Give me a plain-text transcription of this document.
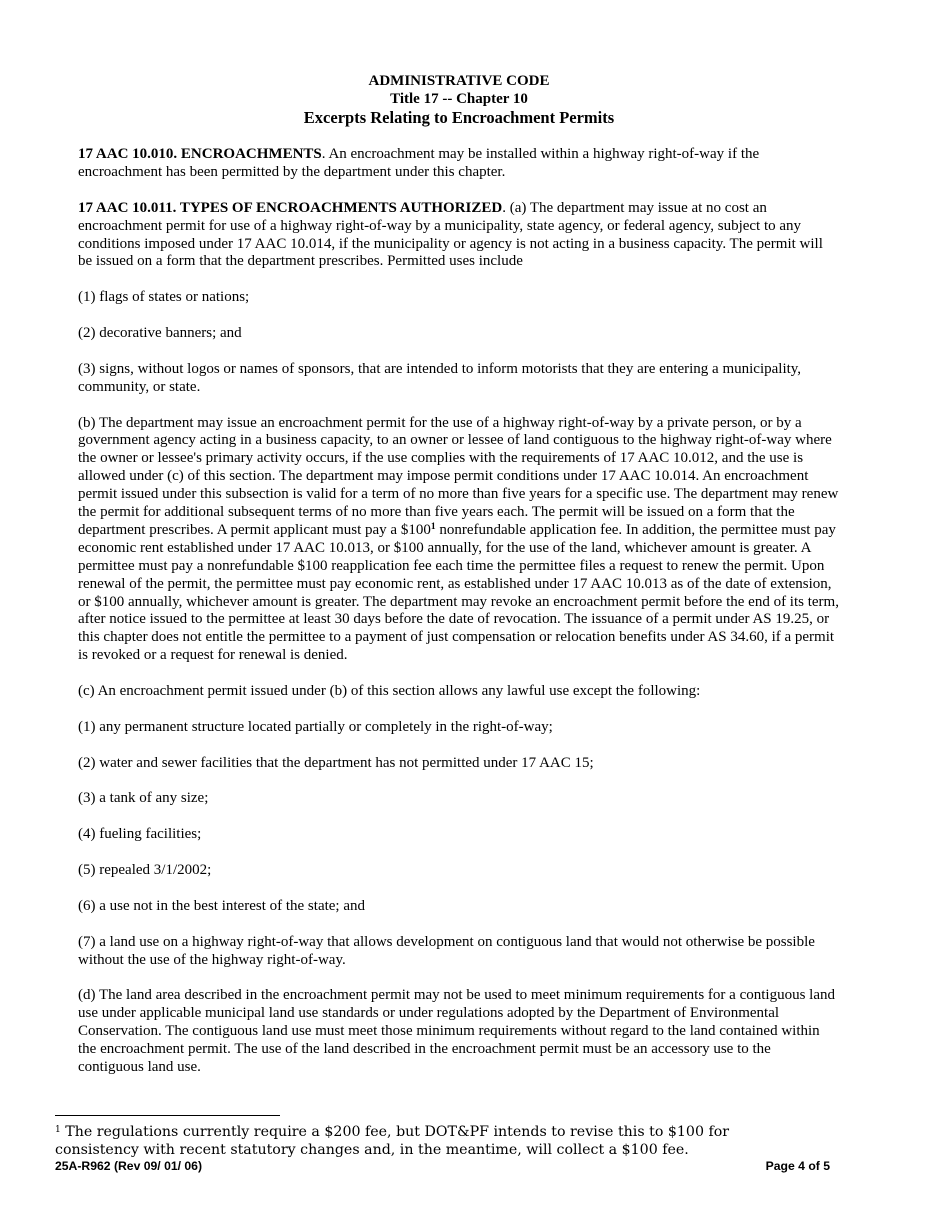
ADMINISTRATIVE CODE
Title 17 -- Chapter 10
Excerpts Relating to Encroachment Permits

17 AAC 10.010. ENCROACHMENTS. An encroachment may be installed within a highway right-of-way if the encroachment has been permitted by the department under this chapter.

17 AAC 10.011. TYPES OF ENCROACHMENTS AUTHORIZED. (a) The department may issue at no cost an encroachment permit for use of a highway right-of-way by a municipality, state agency, or federal agency, subject to any conditions imposed under 17 AAC 10.014, if the municipality or agency is not acting in a business capacity. The permit will be issued on a form that the department prescribes. Permitted uses include

(1) flags of states or nations;

(2) decorative banners; and

(3) signs, without logos or names of sponsors, that are intended to inform motorists that they are entering a municipality, community, or state.

(b) The department may issue an encroachment permit for the use of a highway right-of-way by a private person, or by a government agency acting in a business capacity, to an owner or lessee of land contiguous to the highway right-of-way where the owner or lessee's primary activity occurs, if the use complies with the requirements of 17 AAC 10.012, and the use is allowed under (c) of this section. The department may impose permit conditions under 17 AAC 10.014. An encroachment permit issued under this subsection is valid for a term of no more than five years for a specific use. The department may renew the permit for additional subsequent terms of no more than five years each. The permit will be issued on a form that the department prescribes. A permit applicant must pay a $\$100^1$ nonrefundable application fee. In addition, the permittee must pay economic rent established under 17 AAC 10.013, or $100 annually, for the use of the land, whichever amount is greater. A permittee must pay a nonrefundable $100 reapplication fee each time the permittee files a request to renew the permit. Upon renewal of the permit, the permittee must pay economic rent, as established under 17 AAC 10.013 as of the date of extension, or $100 annually, whichever amount is greater. The department may revoke an encroachment permit before the end of its term, after notice issued to the permittee at least 30 days before the date of revocation. The issuance of a permit under AS 19.25, or this chapter does not entitle the permittee to a payment of just compensation or relocation benefits under AS 34.60, if a permit is revoked or a request for renewal is denied.

(c) An encroachment permit issued under (b) of this section allows any lawful use except the following:

(1) any permanent structure located partially or completely in the right-of-way;

(2) water and sewer facilities that the department has not permitted under 17 AAC 15;

(3) a tank of any size;

(4) fueling facilities;

(5) repealed 3/1/2002;

(6) a use not in the best interest of the state; and

(7) a land use on a highway right-of-way that allows development on contiguous land that would not otherwise be possible without the use of the highway right-of-way.

(d) The land area described in the encroachment permit may not be used to meet minimum requirements for a contiguous land use under applicable municipal land use standards or under regulations adopted by the Department of Environmental Conservation. The contiguous land use must meet those minimum requirements without regard to the land contained within the encroachment permit. The use of the land described in the encroachment permit must be an accessory use to the contiguous land use.

$^1$ The regulations currently require a $200 fee, but DOT&PF intends to revise this to $100 for consistency with recent statutory changes and, in the meantime, will collect a $100 fee.
25A-R962 (Rev 09/ 01/ 06)	Page 4 of 5
